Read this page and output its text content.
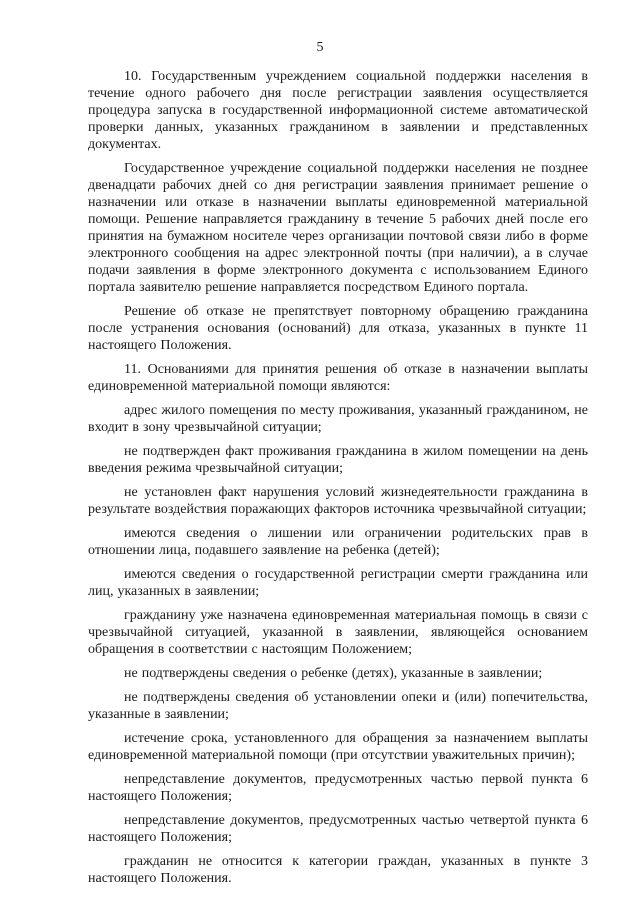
5

10. Государственным учреждением социальной поддержки населения в течение одного рабочего дня после регистрации заявления осуществляется процедура запуска в государственной информационной системе автоматической проверки данных, указанных гражданином в заявлении и представленных документах.

Государственное учреждение социальной поддержки населения не позднее двенадцати рабочих дней со дня регистрации заявления принимает решение о назначении или отказе в назначении выплаты единовременной материальной помощи. Решение направляется гражданину в течение 5 рабочих дней после его принятия на бумажном носителе через организации почтовой связи либо в форме электронного сообщения на адрес электронной почты (при наличии), а в случае подачи заявления в форме электронного документа с использованием Единого портала заявителю решение направляется посредством Единого портала.

Решение об отказе не препятствует повторному обращению гражданина после устранения основания (оснований) для отказа, указанных в пункте 11 настоящего Положения.

11. Основаниями для принятия решения об отказе в назначении выплаты единовременной материальной помощи являются:

адрес жилого помещения по месту проживания, указанный гражданином, не входит в зону чрезвычайной ситуации;

не подтвержден факт проживания гражданина в жилом помещении на день введения режима чрезвычайной ситуации;

не установлен факт нарушения условий жизнедеятельности гражданина в результате воздействия поражающих факторов источника чрезвычайной ситуации;

имеются сведения о лишении или ограничении родительских прав в отношении лица, подавшего заявление на ребенка (детей);

имеются сведения о государственной регистрации смерти гражданина или лиц, указанных в заявлении;

гражданину уже назначена единовременная материальная помощь в связи с чрезвычайной ситуацией, указанной в заявлении, являющейся основанием обращения в соответствии с настоящим Положением;

не подтверждены сведения о ребенке (детях), указанные в заявлении;

не подтверждены сведения об установлении опеки и (или) попечительства, указанные в заявлении;

истечение срока, установленного для обращения за назначением выплаты единовременной материальной помощи (при отсутствии уважительных причин);

непредставление документов, предусмотренных частью первой пункта 6 настоящего Положения;

непредставление документов, предусмотренных частью четвертой пункта 6 настоящего Положения;

гражданин не относится к категории граждан, указанных в пункте 3 настоящего Положения.
